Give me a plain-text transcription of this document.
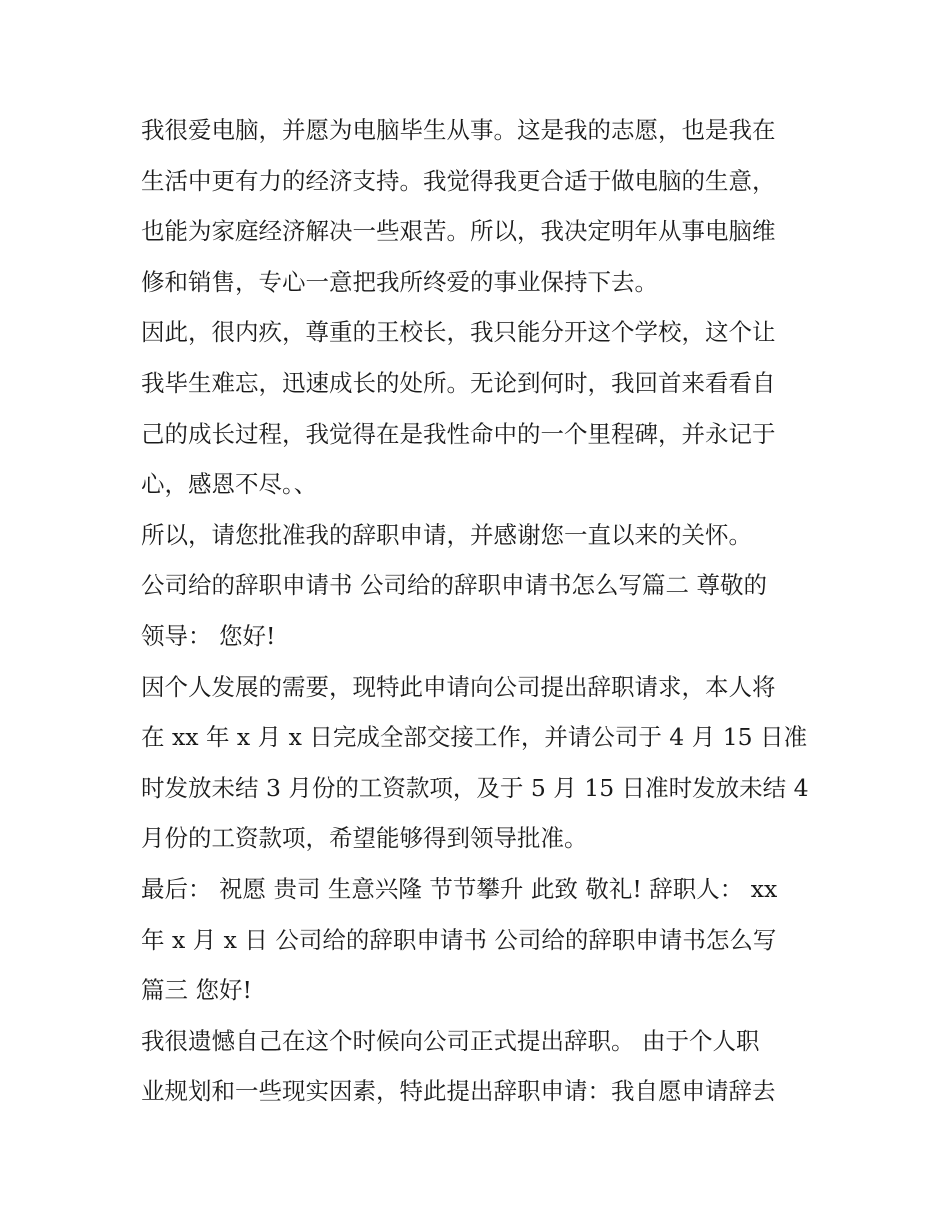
我很爱电脑，并愿为电脑毕生从事。这是我的志愿，也是我在
生活中更有力的经济支持。我觉得我更合适于做电脑的生意，
也能为家庭经济解决一些艰苦。所以，我决定明年从事电脑维
修和销售，专心一意把我所终爱的事业保持下去。

因此，很内疚，尊重的王校长，我只能分开这个学校，这个让
我毕生难忘，迅速成长的处所。无论到何时，我回首来看看自
己的成长过程，我觉得在是我性命中的一个里程碑，并永记于
心，感恩不尽。、

所以，请您批准我的辞职申请，并感谢您一直以来的关怀。

公司给的辞职申请书 公司给的辞职申请书怎么写篇二 尊敬的
领导： 您好!

因个人发展的需要，现特此申请向公司提出辞职请求，本人将
在 xx 年 x 月 x 日完成全部交接工作，并请公司于 4 月 15 日准
时发放未结 3 月份的工资款项，及于 5 月 15 日准时发放未结 4
月份的工资款项，希望能够得到领导批准。

最后： 祝愿 贵司 生意兴隆 节节攀升 此致 敬礼! 辞职人： xx
年 x 月 x 日 公司给的辞职申请书 公司给的辞职申请书怎么写
篇三 您好!

我很遗憾自己在这个时候向公司正式提出辞职。 由于个人职
业规划和一些现实因素，特此提出辞职申请：我自愿申请辞去
